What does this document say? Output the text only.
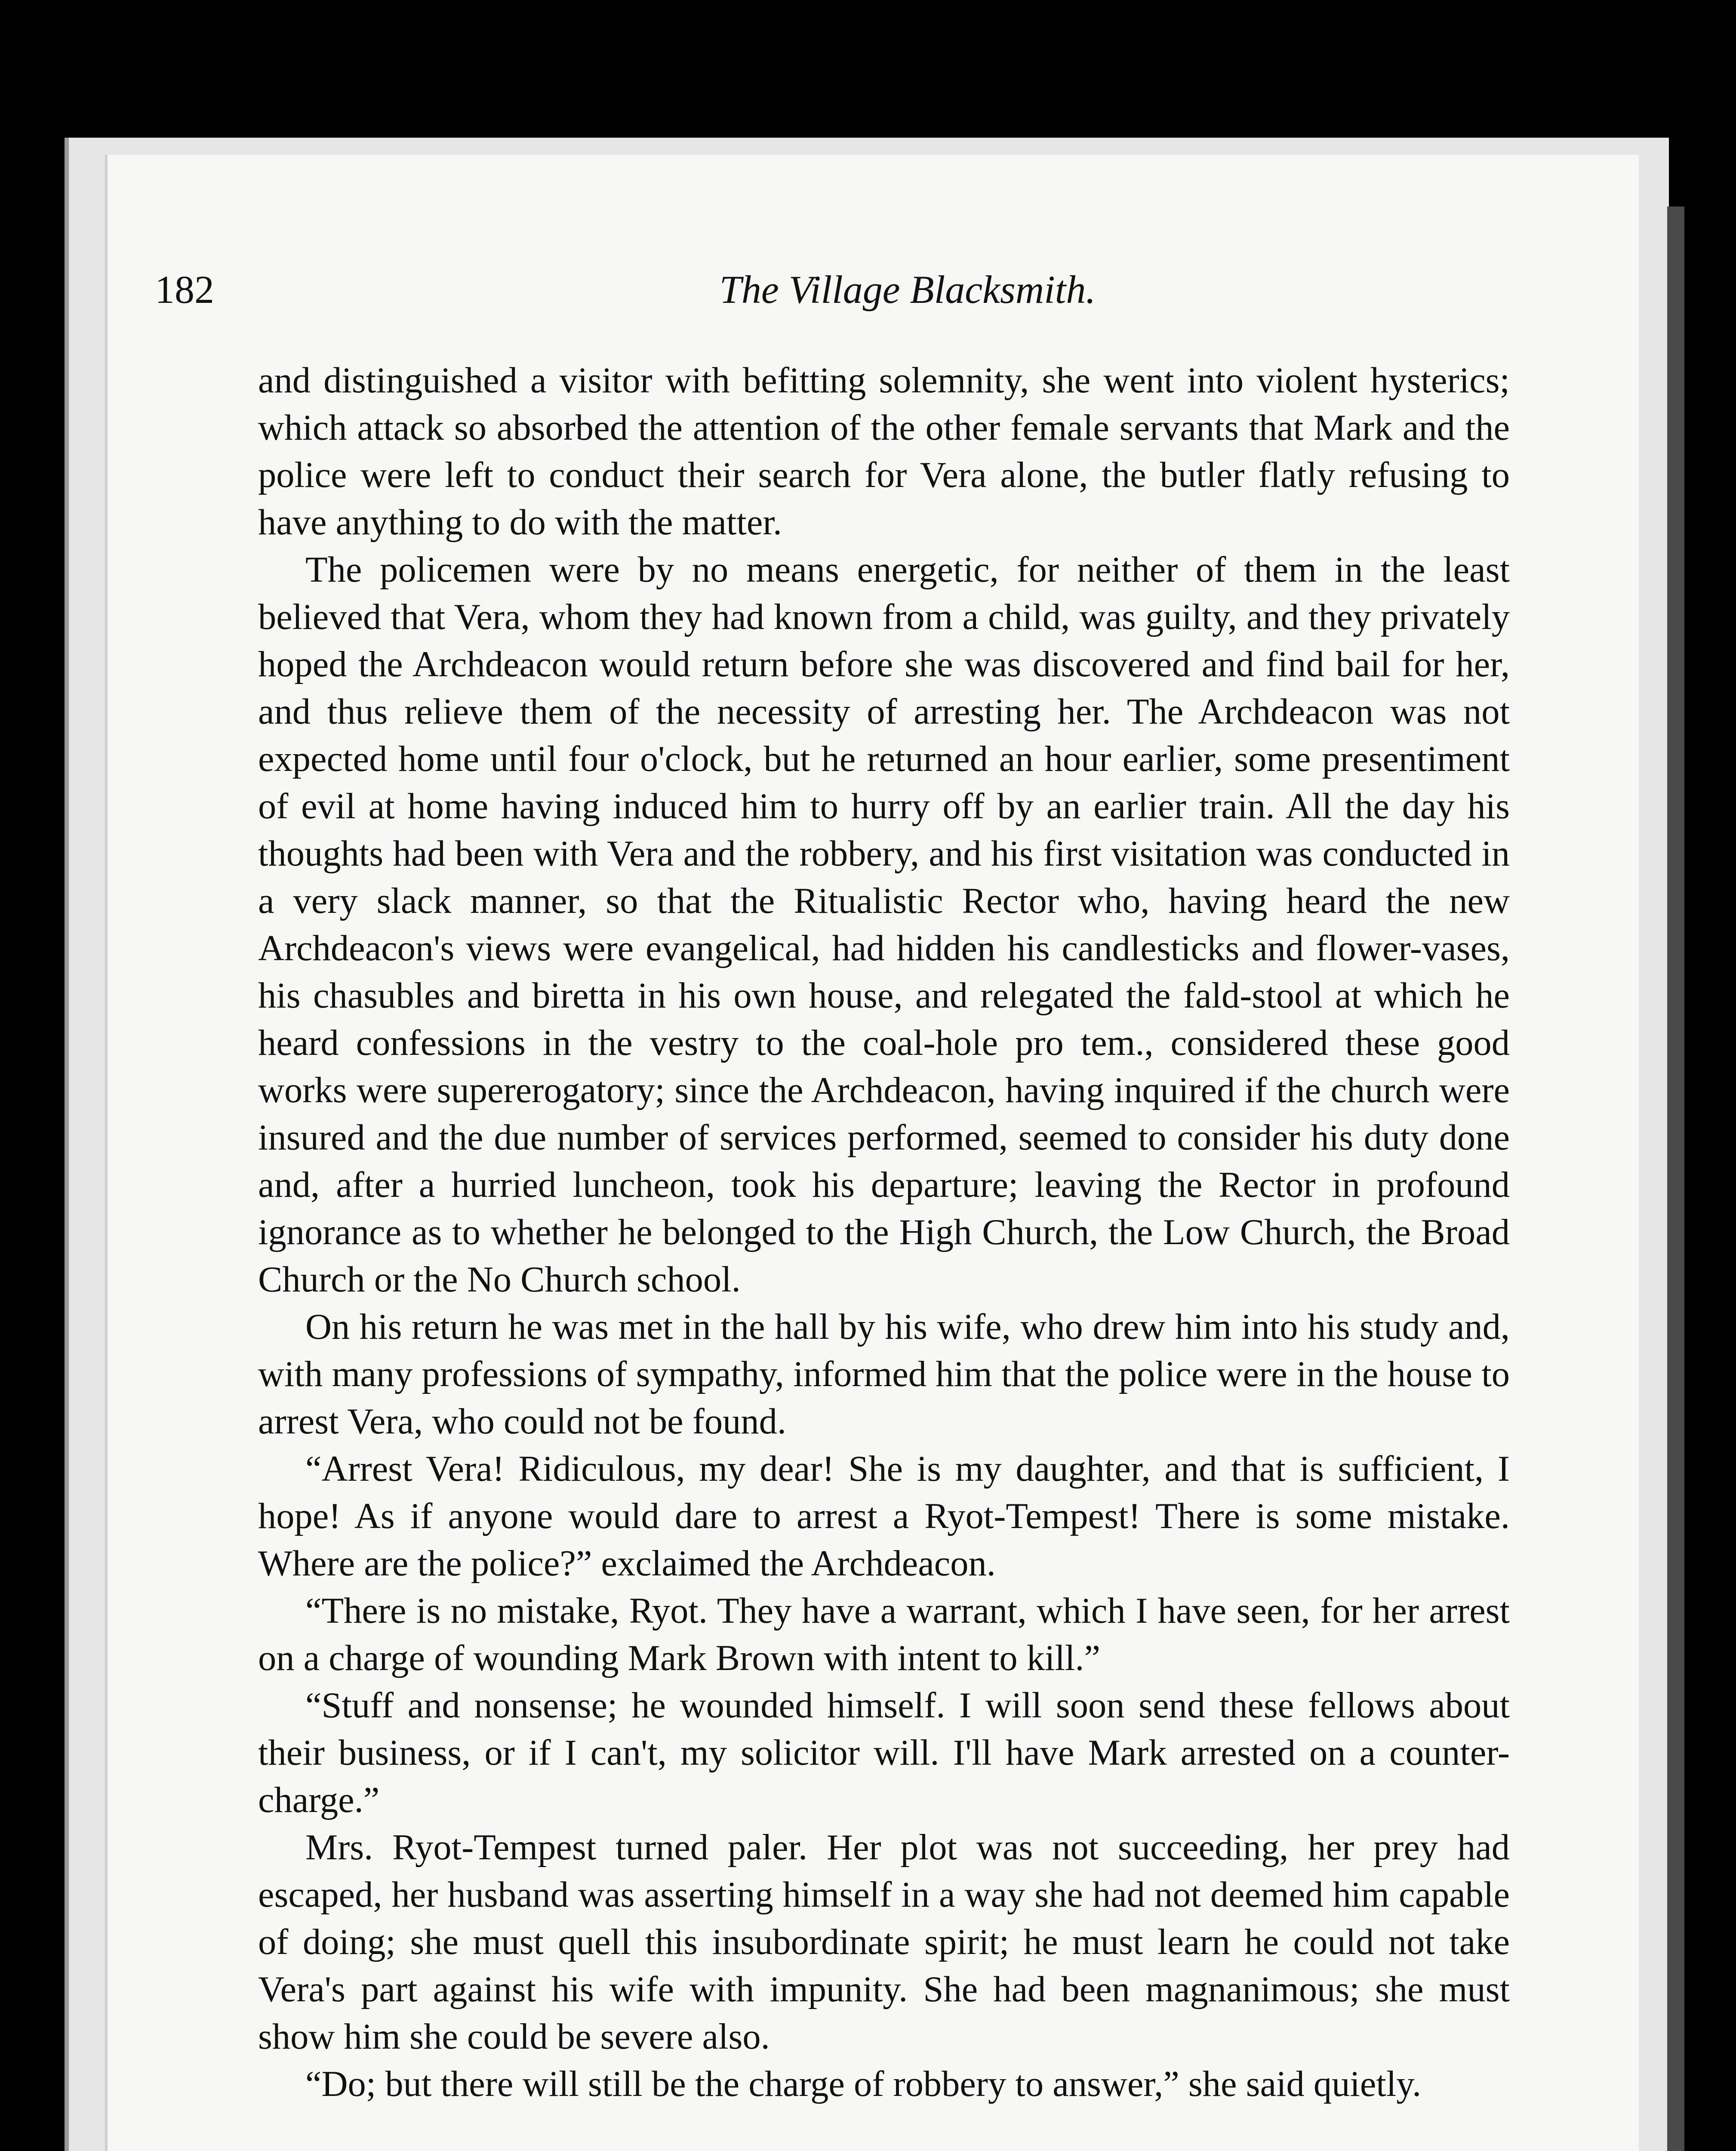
182	The Village Blacksmith.

and distinguished a visitor with befitting solemnity, she went into violent hysterics; which attack so absorbed the attention of the other female servants that Mark and the police were left to conduct their search for Vera alone, the butler flatly refusing to have anything to do with the matter.

The policemen were by no means energetic, for neither of them in the least believed that Vera, whom they had known from a child, was guilty, and they privately hoped the Archdeacon would return before she was discovered and find bail for her, and thus relieve them of the necessity of arresting her. The Archdeacon was not expected home until four o'clock, but he returned an hour earlier, some presentiment of evil at home having induced him to hurry off by an earlier train. All the day his thoughts had been with Vera and the robbery, and his first visitation was conducted in a very slack manner, so that the Ritualistic Rector who, having heard the new Archdeacon's views were evangelical, had hidden his candlesticks and flower-vases, his chasubles and biretta in his own house, and relegated the fald-stool at which he heard confessions in the vestry to the coal-hole pro tem., considered these good works were supererogatory; since the Archdeacon, having inquired if the church were insured and the due number of services performed, seemed to consider his duty done and, after a hurried luncheon, took his departure; leaving the Rector in profound ignorance as to whether he belonged to the High Church, the Low Church, the Broad Church or the No Church school.

On his return he was met in the hall by his wife, who drew him into his study and, with many professions of sympathy, informed him that the police were in the house to arrest Vera, who could not be found.

“Arrest Vera! Ridiculous, my dear! She is my daughter, and that is sufficient, I hope! As if anyone would dare to arrest a Ryot-Tempest! There is some mistake. Where are the police?” exclaimed the Archdeacon.

“There is no mistake, Ryot. They have a warrant, which I have seen, for her arrest on a charge of wounding Mark Brown with intent to kill.”

“Stuff and nonsense; he wounded himself. I will soon send these fellows about their business, or if I can't, my solicitor will. I'll have Mark arrested on a counter-charge.”

Mrs. Ryot-Tempest turned paler. Her plot was not succeeding, her prey had escaped, her husband was asserting himself in a way she had not deemed him capable of doing; she must quell this insubordinate spirit; he must learn he could not take Vera's part against his wife with impunity. She had been magnanimous; she must show him she could be severe also.

“Do; but there will still be the charge of robbery to answer,” she said quietly.
